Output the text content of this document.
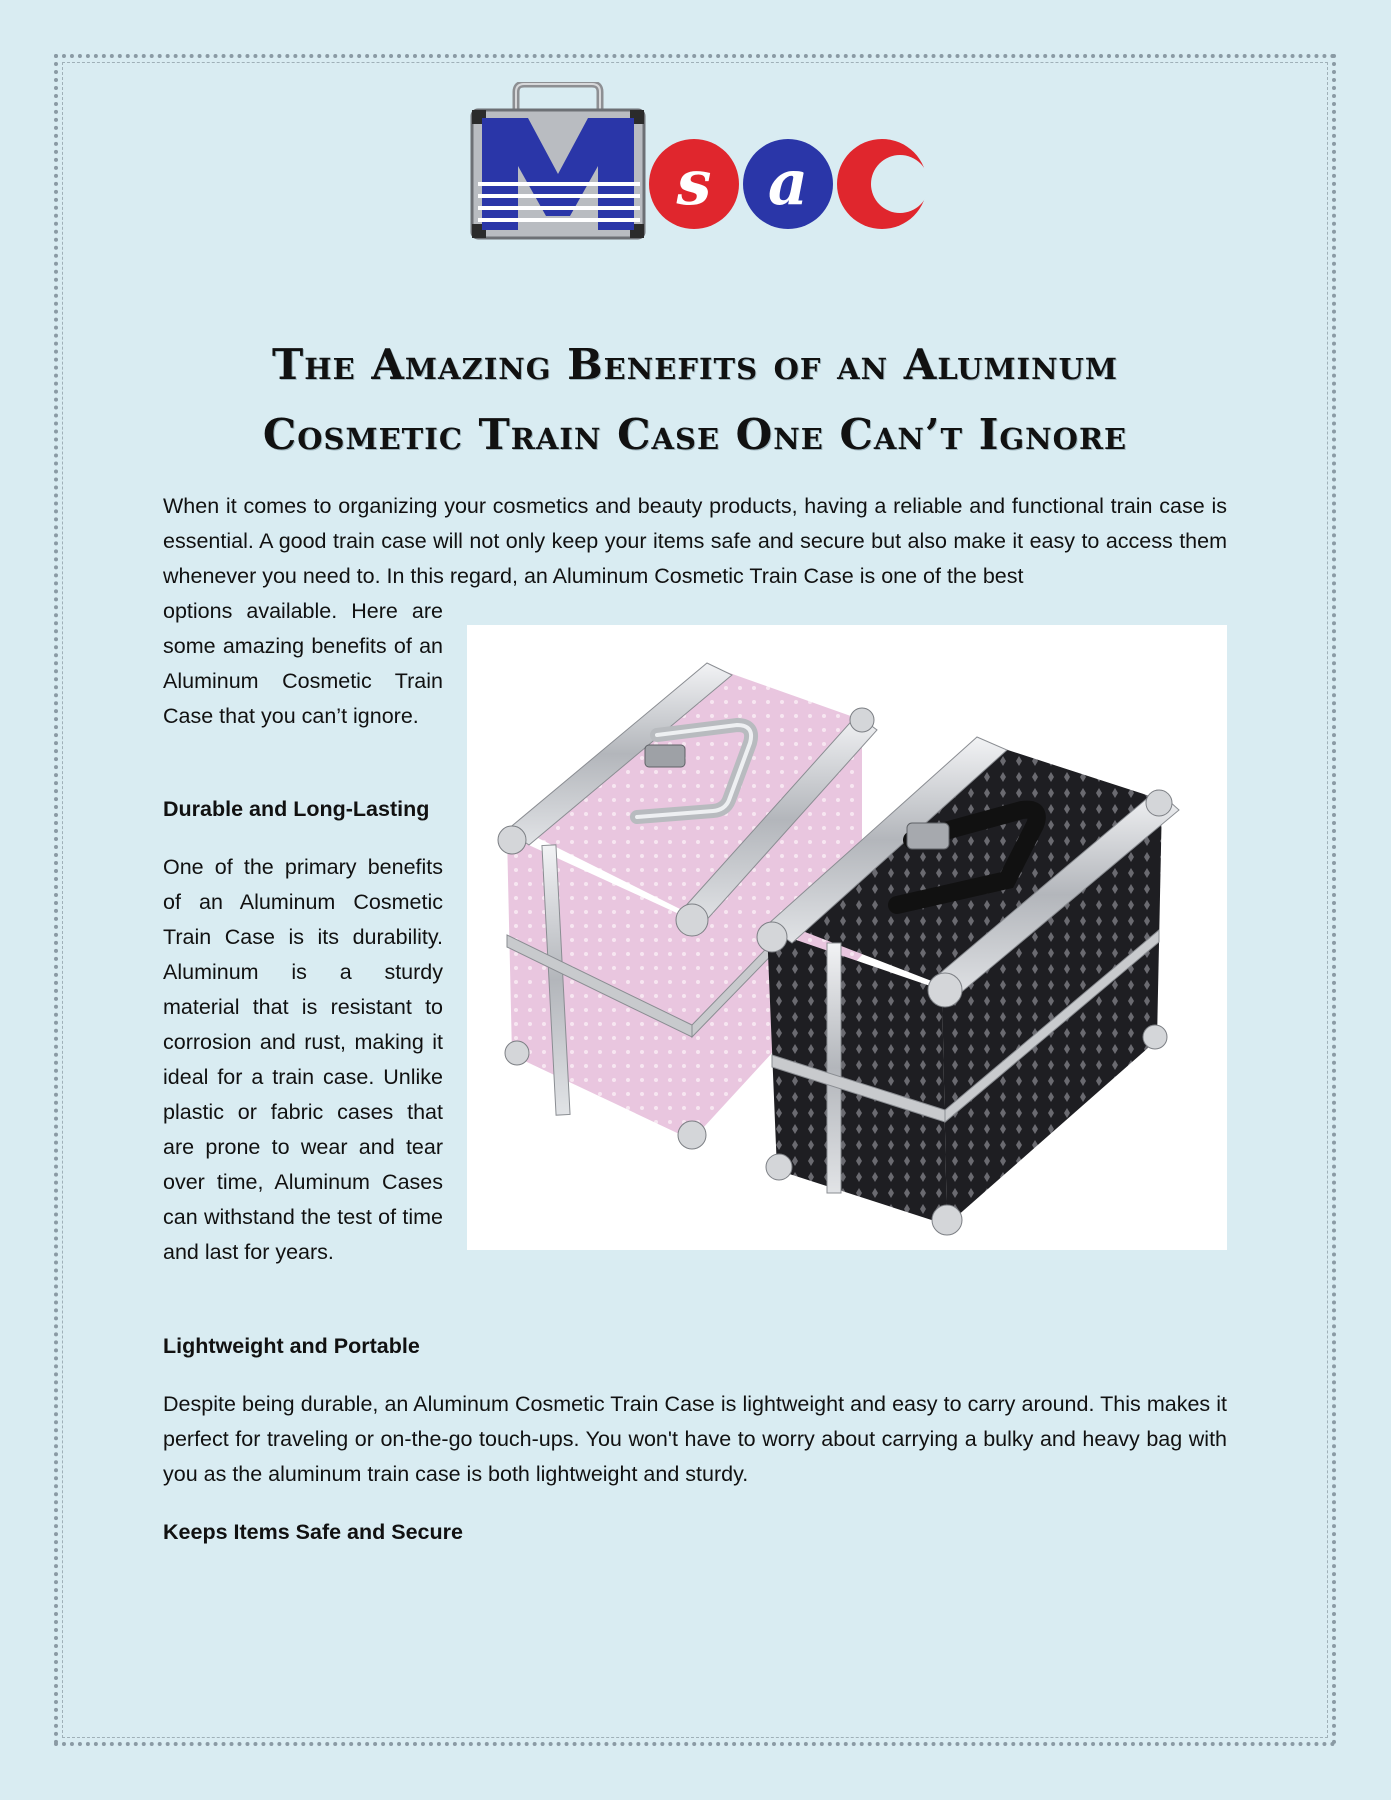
s a
The Amazing Benefits of an Aluminum
Cosmetic Train Case One Can’t Ignore
When it comes to organizing your cosmetics and beauty products, having a reliable and functional train case is essential. A good train case will not only keep your items safe and secure but also make it easy to access them whenever you need to. In this regard, an Aluminum Cosmetic Train Case is one of the best
options available. Here are some amazing benefits of an Aluminum Cosmetic Train Case that you can’t ignore.
Durable and Long-Lasting
One of the primary benefits of an Aluminum Cosmetic Train Case is its durability. Aluminum is a sturdy material that is resistant to corrosion and rust, making it ideal for a train case. Unlike plastic or fabric cases that are prone to wear and tear over time, Aluminum Cases can withstand the test of time and last for years.
Lightweight and Portable
Despite being durable, an Aluminum Cosmetic Train Case is lightweight and easy to carry around. This makes it perfect for traveling or on-the-go touch-ups. You won't have to worry about carrying a bulky and heavy bag with you as the aluminum train case is both lightweight and sturdy.
Keeps Items Safe and Secure
